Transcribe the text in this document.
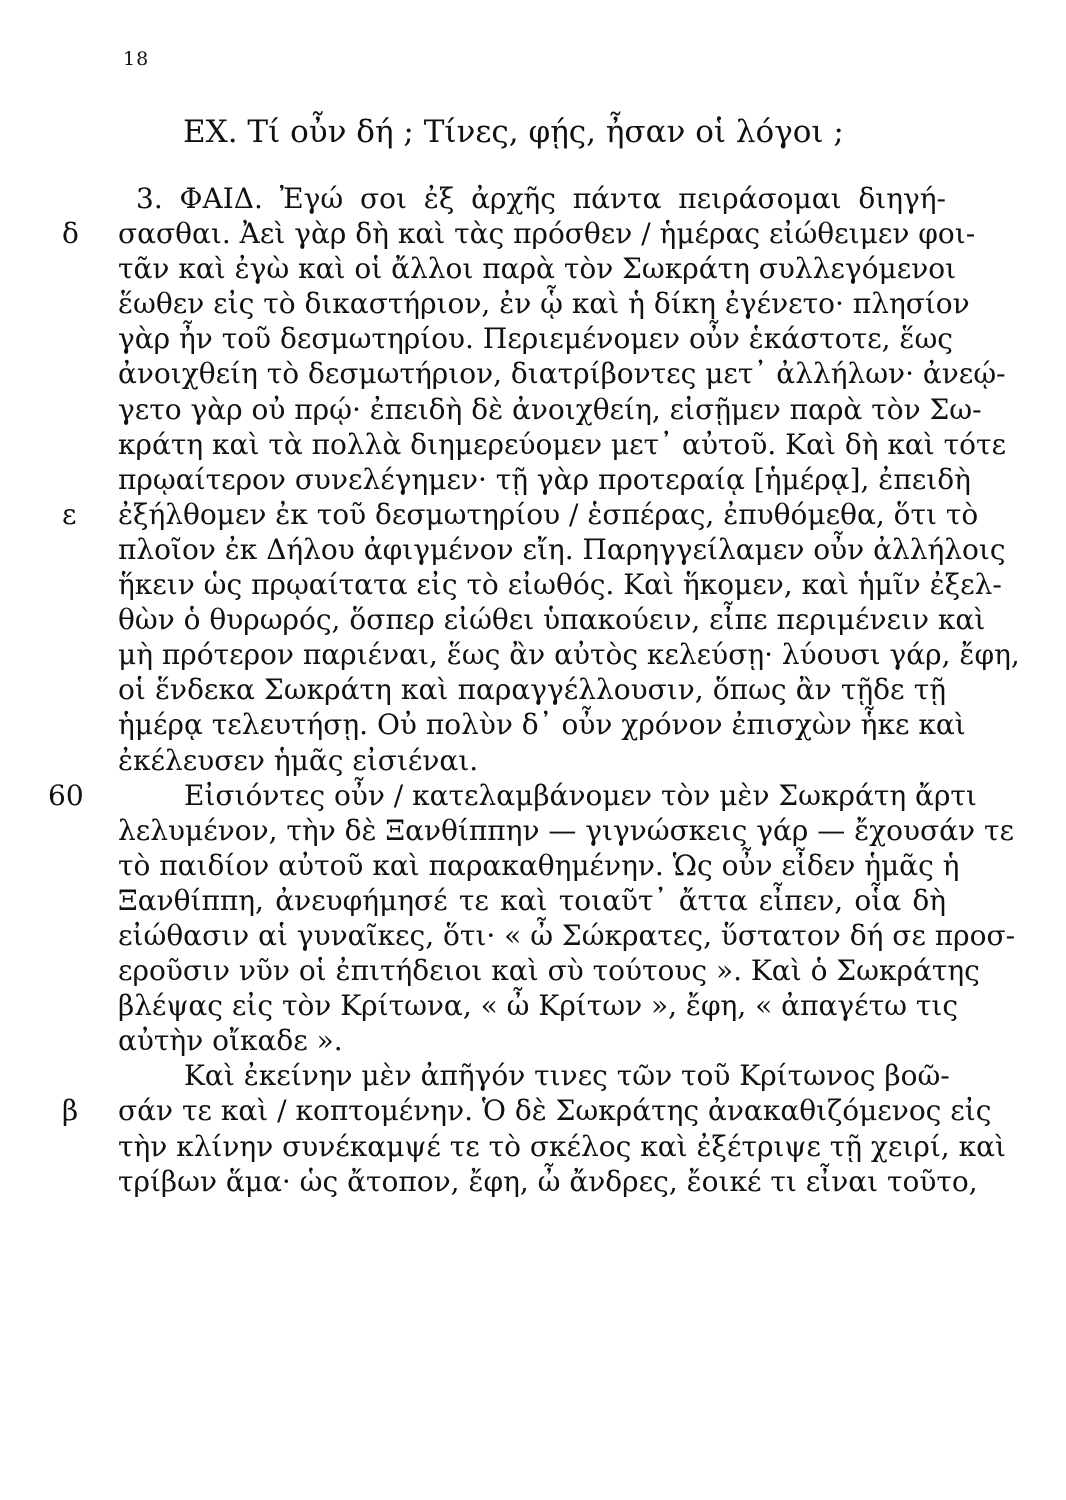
18
ΕΧ. Τί οὖν δή ; Τίνες, φῄς, ἦσαν οἱ λόγοι ;
3. ΦΑΙΔ. Ἐγώ σοι ἐξ ἀρχῆς πάντα πειράσομαι διηγή-
δ σασθαι. Ἀεὶ γὰρ δὴ καὶ τὰς πρόσθεν / ἡμέρας εἰώθειμεν φοι-
τᾶν καὶ ἐγὼ καὶ οἱ ἄλλοι παρὰ τὸν Σωκράτη συλλεγόμενοι
ἕωθεν εἰς τὸ δικαστήριον, ἐν ᾧ καὶ ἡ δίκη ἐγένετο· πλησίον
γὰρ ἦν τοῦ δεσμωτηρίου. Περιεμένομεν οὖν ἑκάστοτε, ἕως
ἀνοιχθείη τὸ δεσμωτήριον, διατρίβοντες μετ᾽ ἀλλήλων· ἀνεῴ-
γετο γὰρ οὐ πρῴ· ἐπειδὴ δὲ ἀνοιχθείη, εἰσῇμεν παρὰ τὸν Σω-
κράτη καὶ τὰ πολλὰ διημερεύομεν μετ᾽ αὐτοῦ. Καὶ δὴ καὶ τότε
πρῳαίτερον συνελέγημεν· τῇ γὰρ προτεραίᾳ [ἡμέρᾳ], ἐπειδὴ
ε ἐξήλθομεν ἐκ τοῦ δεσμωτηρίου / ἑσπέρας, ἐπυθόμεθα, ὅτι τὸ
πλοῖον ἐκ Δήλου ἀφιγμένον εἴη. Παρηγγείλαμεν οὖν ἀλλήλοις
ἥκειν ὡς πρῳαίτατα εἰς τὸ εἰωθός. Καὶ ἥκομεν, καὶ ἡμῖν ἐξελ-
θὼν ὁ θυρωρός, ὅσπερ εἰώθει ὑπακούειν, εἶπε περιμένειν καὶ
μὴ πρότερον παριέναι, ἕως ἂν αὐτὸς κελεύσῃ· λύουσι γάρ, ἔφη,
οἱ ἕνδεκα Σωκράτη καὶ παραγγέλλουσιν, ὅπως ἂν τῇδε τῇ
ἡμέρᾳ τελευτήσῃ. Οὐ πολὺν δ᾽ οὖν χρόνον ἐπισχὼν ἧκε καὶ
ἐκέλευσεν ἡμᾶς εἰσιέναι.
60	Εἰσιόντες οὖν / κατελαμβάνομεν τὸν μὲν Σωκράτη ἄρτι
λελυμένον, τὴν δὲ Ξανθίππην — γιγνώσκεις γάρ — ἔχουσάν τε
τὸ παιδίον αὐτοῦ καὶ παρακαθημένην. Ὡς οὖν εἶδεν ἡμᾶς ἡ
Ξανθίππη, ἀνευφήμησέ τε καὶ τοιαῦτ᾽ ἄττα εἶπεν, οἷα δὴ
εἰώθασιν αἱ γυναῖκες, ὅτι· « ὦ Σώκρατες, ὕστατον δή σε προσ-
εροῦσιν νῦν οἱ ἐπιτήδειοι καὶ σὺ τούτους ». Καὶ ὁ Σωκράτης
βλέψας εἰς τὸν Κρίτωνα, « ὦ Κρίτων », ἔφη, « ἀπαγέτω τις
αὐτὴν οἴκαδε ».
Καὶ ἐκείνην μὲν ἀπῆγόν τινες τῶν τοῦ Κρίτωνος βοῶ-
β σάν τε καὶ / κοπτομένην. Ὁ δὲ Σωκράτης ἀνακαθιζόμενος εἰς
τὴν κλίνην συνέκαμψέ τε τὸ σκέλος καὶ ἐξέτριψε τῇ χειρί, καὶ
τρίβων ἅμα· ὡς ἄτοπον, ἔφη, ὦ ἄνδρες, ἔοικέ τι εἶναι τοῦτο,
